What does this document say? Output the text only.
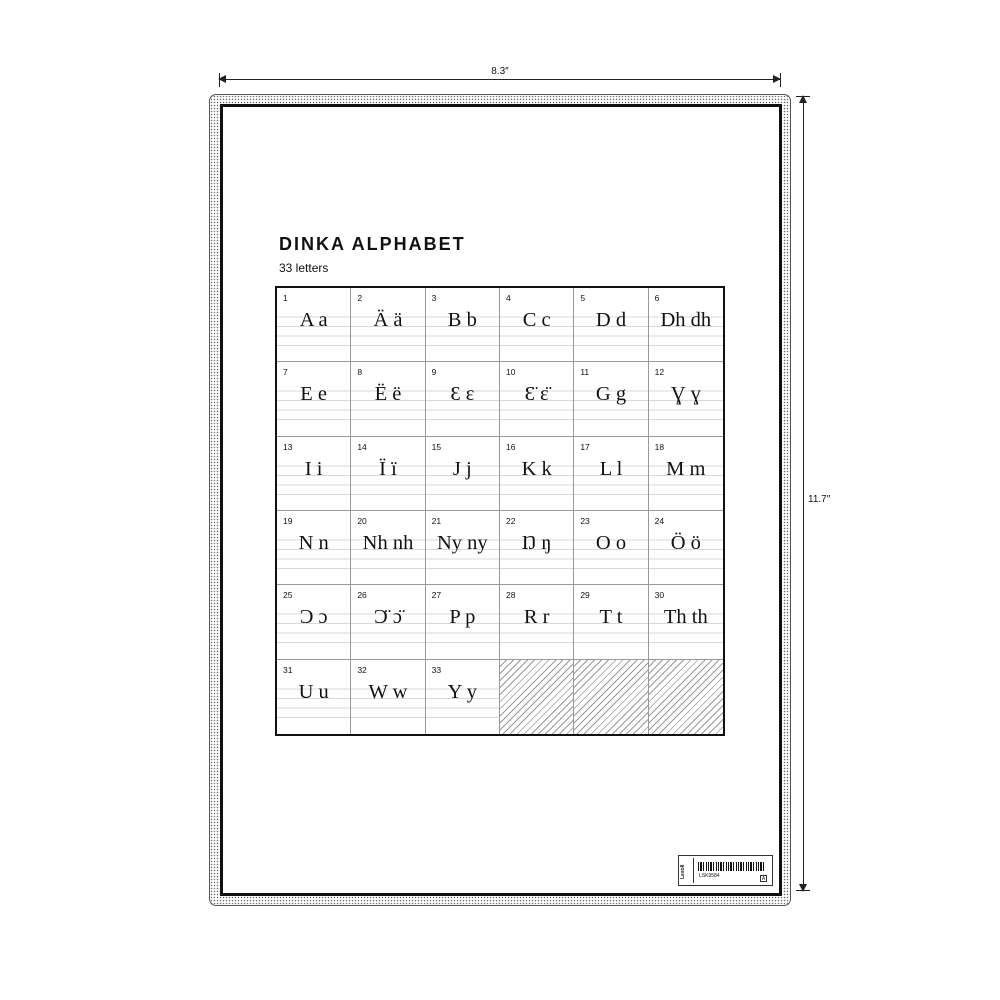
8.3″
11.7″
DINKA ALPHABET
33 letters
1
A a
2
Ä ä
3
B b
4
C c
5
D d
6
Dh dh
7
E e
8
Ë ë
9
Ɛ ɛ
10
Ɛ̈ ɛ̈
11
G g
12
Ɣ ɣ
13
I i
14
Ï ï
15
J j
16
K k
17
L l
18
M m
19
N n
20
Nh nh
21
Ny ny
22
Ŋ ŋ
23
O o
24
Ö ö
25
Ɔ ɔ
26
Ɔ̈ ɔ̈
27
P p
28
R r
29
T t
30
Th th
31
U u
32
W w
33
Y y
Lesoll	LSK9584	A
